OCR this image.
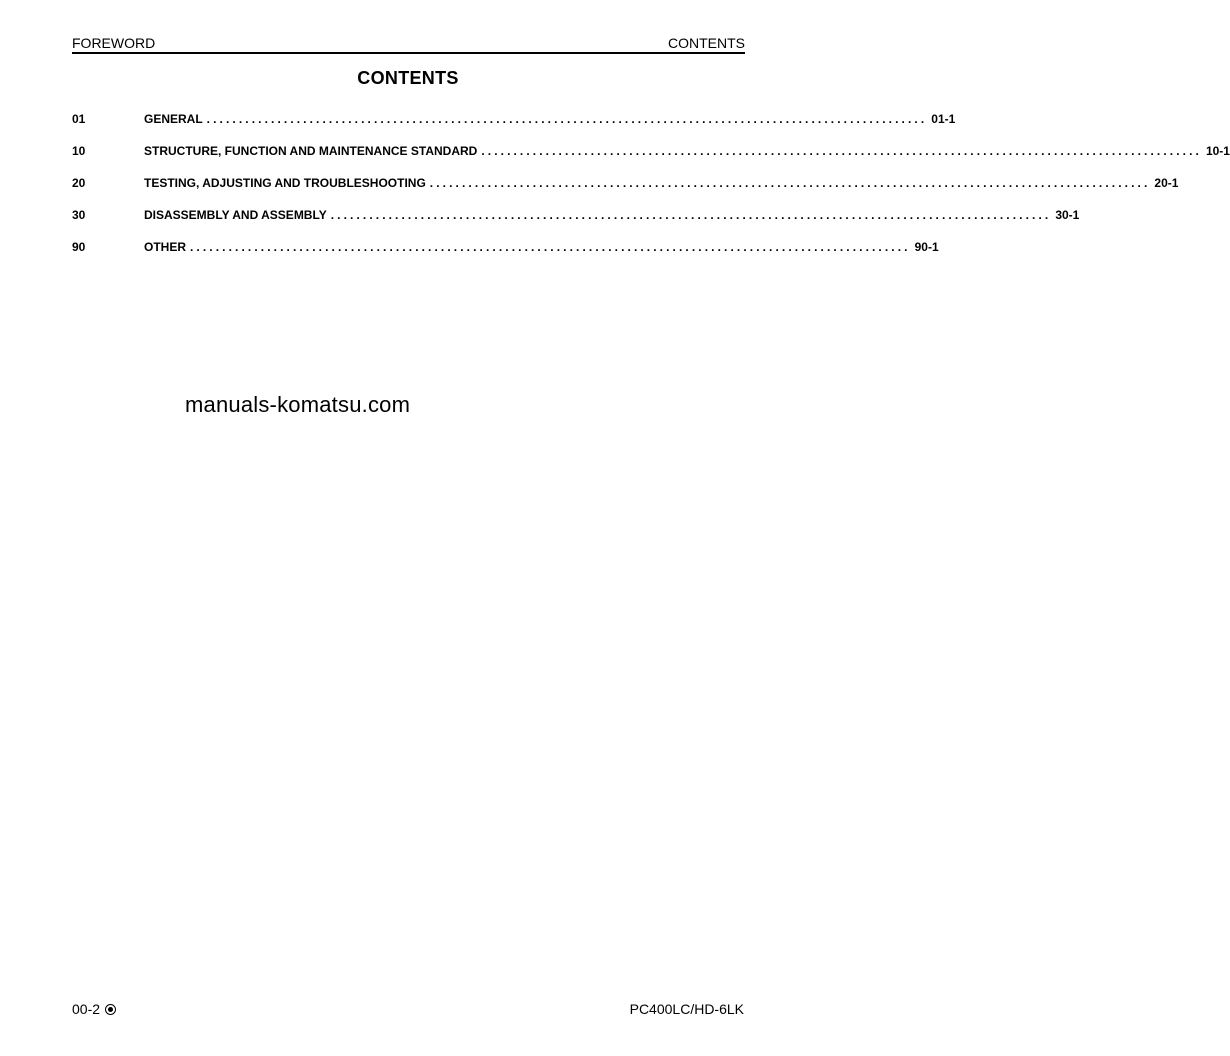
FOREWORD	CONTENTS
CONTENTS
01	GENERAL ................................................................................................................ 01-1
10	STRUCTURE, FUNCTION AND MAINTENANCE STANDARD ................................................................................................................ 10-1
20	TESTING, ADJUSTING AND TROUBLESHOOTING ................................................................................................................ 20-1
30	DISASSEMBLY AND ASSEMBLY ................................................................................................................ 30-1
90	OTHER ................................................................................................................ 90-1
manuals-komatsu.com
00-2	PC400LC/HD-6LK
